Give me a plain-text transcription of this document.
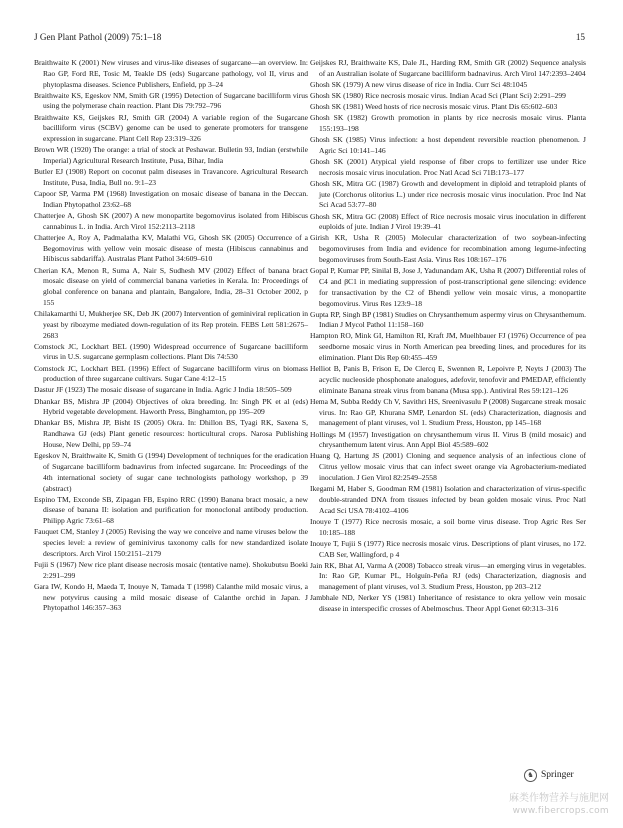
J Gen Plant Pathol (2009) 75:1–18	15

Braithwaite K (2001) New viruses and virus-like diseases of sugarcane—an overview. In: Rao GP, Ford RE, Tosic M, Teakle DS (eds) Sugarcane pathology, vol II, virus and phytoplasma diseases. Science Publishers, Enfield, pp 3–24

Braithwaite KS, Egeskov NM, Smith GR (1995) Detection of Sugarcane bacilliform virus using the polymerase chain reaction. Plant Dis 79:792–796

Braithwaite KS, Geijskes RJ, Smith GR (2004) A variable region of the Sugarcane bacilliform virus (SCBV) genome can be used to generate promoters for transgene expression in sugarcane. Plant Cell Rep 23:319–326

Brown WR (1920) The orange: a trial of stock at Peshawar. Bulletin 93, Indian (erstwhile Imperial) Agricultural Research Institute, Pusa, Bihar, India

Butler EJ (1908) Report on coconut palm diseases in Travancore. Agricultural Research Institute, Pusa, India, Bull no. 9:1–23

Capoor SP, Varma PM (1968) Investigation on mosaic disease of banana in the Deccan. Indian Phytopathol 23:62–68

Chatterjee A, Ghosh SK (2007) A new monopartite begomovirus isolated from Hibiscus cannabinus L. in India. Arch Virol 152:2113–2118

Chatterjee A, Roy A, Padmalatha KV, Malathi VG, Ghosh SK (2005) Occurrence of a Begomovirus with yellow vein mosaic disease of mesta (Hibiscus cannabinus and Hibiscus sabdariffa). Australas Plant Pathol 34:609–610

Cherian KA, Menon R, Suma A, Nair S, Sudhesh MV (2002) Effect of banana bract mosaic disease on yield of commercial banana varieties in Kerala. In: Proceedings of global conference on banana and plantain, Bangalore, India, 28–31 October 2002, p 155

Chilakamarthi U, Mukherjee SK, Deb JK (2007) Intervention of geminiviral replication in yeast by ribozyme mediated down-regulation of its Rep protein. FEBS Lett 581:2675–2683

Comstock JC, Lockhart BEL (1990) Widespread occurrence of Sugarcane bacilliform virus in U.S. sugarcane germplasm collections. Plant Dis 74:530

Comstock JC, Lockhart BEL (1996) Effect of Sugarcane bacilliform virus on biomass production of three sugarcane cultivars. Sugar Cane 4:12–15

Dastur JF (1923) The mosaic disease of sugarcane in India. Agric J India 18:505–509

Dhankar BS, Mishra JP (2004) Objectives of okra breeding. In: Singh PK et al (eds) Hybrid vegetable development. Haworth Press, Binghamton, pp 195–209

Dhankar BS, Mishra JP, Bisht IS (2005) Okra. In: Dhillon BS, Tyagi RK, Saxena S, Randhawa GJ (eds) Plant genetic resources: horticultural crops. Narosa Publishing House, New Delhi, pp 59–74

Egeskov N, Braithwaite K, Smith G (1994) Development of techniques for the eradication of Sugarcane bacilliform badnavirus from infected sugarcane. In: Proceedings of the 4th international society of sugar cane technologists pathology workshop, p 39 (abstract)

Espino TM, Exconde SB, Zipagan FB, Espino RRC (1990) Banana bract mosaic, a new disease of banana II: isolation and purification for monoclonal antibody production. Philipp Agric 73:61–68

Fauquet CM, Stanley J (2005) Revising the way we conceive and name viruses below the species level: a review of geminivirus taxonomy calls for new standardized isolate descriptors. Arch Virol 150:2151–2179

Fujii S (1967) New rice plant disease necrosis mosaic (tentative name). Shokubutsu Boeki 2:291–299

Gara IW, Kondo H, Maeda T, Inouye N, Tamada T (1998) Calanthe mild mosaic virus, a new potyvirus causing a mild mosaic disease of Calanthe orchid in Japan. J Phytopathol 146:357–363

Geijskes RJ, Braithwaite KS, Dale JL, Harding RM, Smith GR (2002) Sequence analysis of an Australian isolate of Sugarcane bacilliform badnavirus. Arch Virol 147:2393–2404

Ghosh SK (1979) A new virus disease of rice in India. Curr Sci 48:1045

Ghosh SK (1980) Rice necrosis mosaic virus. Indian Acad Sci (Plant Sci) 2:291–299

Ghosh SK (1981) Weed hosts of rice necrosis mosaic virus. Plant Dis 65:602–603

Ghosh SK (1982) Growth promotion in plants by rice necrosis mosaic virus. Planta 155:193–198

Ghosh SK (1985) Virus infection: a host dependent reversible reaction phenomenon. J Agric Sci 10:141–146

Ghosh SK (2001) Atypical yield response of fiber crops to fertilizer use under Rice necrosis mosaic virus inoculation. Proc Natl Acad Sci 71B:173–177

Ghosh SK, Mitra GC (1987) Growth and development in diploid and tetraploid plants of jute (Corchorus olitorius L.) under rice necrosis mosaic virus inoculation. Proc Ind Nat Sci Acad 53:77–80

Ghosh SK, Mitra GC (2008) Effect of Rice necrosis mosaic virus inoculation in different euploids of jute. Indian J Virol 19:39–41

Girish KR, Usha R (2005) Molecular characterization of two soybean-infecting begomoviruses from India and evidence for recombination among legume-infecting begomoviruses from South-East Asia. Virus Res 108:167–176

Gopal P, Kumar PP, Sinilal B, Jose J, Yadunandam AK, Usha R (2007) Differential roles of C4 and βC1 in mediating suppression of post-transcriptional gene silencing: evidence for transactivation by the C2 of Bhendi yellow vein mosaic virus, a monopartite begomovirus. Virus Res 123:9–18

Gupta RP, Singh BP (1981) Studies on Chrysanthemum aspermy virus on Chrysanthemum. Indian J Mycol Pathol 11:158–160

Hampton RO, Mink GI, Hamilton RI, Kraft JM, Muelhbauer FJ (1976) Occurrence of pea seedborne mosaic virus in North American pea breeding lines, and procedures for its elimination. Plant Dis Rep 60:455–459

Helliot B, Panis B, Frison E, De Clercq E, Swennen R, Lepoivre P, Neyts J (2003) The acyclic nucleoside phosphonate analogues, adefovir, tenofovir and PMEDAP, efficiently eliminate Banana streak virus from banana (Musa spp.). Antiviral Res 59:121–126

Hema M, Subba Reddy Ch V, Savithri HS, Sreenivasulu P (2008) Sugarcane streak mosaic virus. In: Rao GP, Khurana SMP, Lenardon SL (eds) Characterization, diagnosis and management of plant viruses, vol 1. Studium Press, Houston, pp 145–168

Hollings M (1957) Investigation on chrysanthemum virus II. Virus B (mild mosaic) and chrysanthemum latent virus. Ann Appl Biol 45:589–602

Huang Q, Hartung JS (2001) Cloning and sequence analysis of an infectious clone of Citrus yellow mosaic virus that can infect sweet orange via Agrobacterium-mediated inoculation. J Gen Virol 82:2549–2558

Ikegami M, Haber S, Goodman RM (1981) Isolation and characterization of virus-specific double-stranded DNA from tissues infected by bean golden mosaic virus. Proc Natl Acad Sci USA 78:4102–4106

Inouye T (1977) Rice necrosis mosaic, a soil borne virus disease. Trop Agric Res Ser 10:185–188

Inouye T, Fujii S (1977) Rice necrosis mosaic virus. Descriptions of plant viruses, no 172. CAB Ser, Wallingford, p 4

Jain RK, Bhat AI, Varma A (2008) Tobacco streak virus—an emerging virus in vegetables. In: Rao GP, Kumar PL, Holguín-Peña RJ (eds) Characterization, diagnosis and management of plant viruses, vol 3. Studium Press, Houston, pp 203–212

Jambhale ND, Nerker YS (1981) Inheritance of resistance to okra yellow vein mosaic disease in interspecific crosses of Abelmoschus. Theor Appl Genet 60:313–316

♞ Springer
麻类作物营养与施肥网
www.fibercrops.com
